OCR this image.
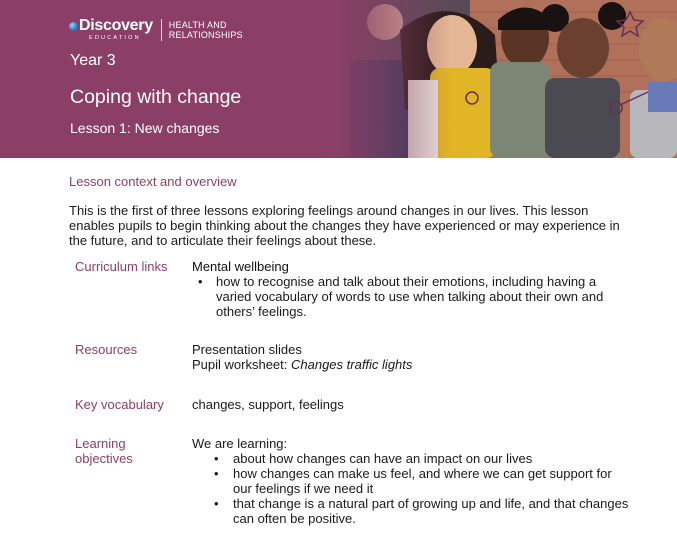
Discovery
EDUCATION
HEALTH AND
RELATIONSHIPS
Year 3
Coping with change
Lesson 1: New changes
Lesson context and overview
This is the first of three lessons exploring feelings around changes in our lives. This lesson enables pupils to begin thinking about the changes they have experienced or may experience in the future, and to articulate their feelings about these.
Curriculum links Mental wellbeing
• how to recognise and talk about their emotions, including having a varied vocabulary of words to use when talking about their own and others’ feelings.
Resources	Presentation slides
Pupil worksheet: Changes traffic lights
Key vocabulary changes, support, feelings
Learning
objectives
We are learning:
• about how changes can have an impact on our lives
• how changes can make us feel, and where we can get support for our feelings if we need it
• that change is a natural part of growing up and life, and that changes can often be positive.
